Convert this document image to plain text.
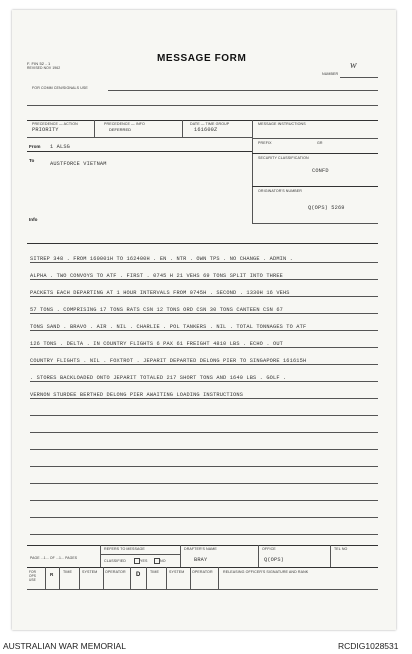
F. FIN 52 - 1
REVISED NOV 1962
MESSAGE FORM
NUMBER
w
FOR COMM CEN/SIGNALS USE
PRECEDENCE — ACTION
PRIORITY
PRECEDENCE — INFO
DEFERRED
DATE — TIME GROUP
161600Z
MESSAGE INSTRUCTIONS
PREFIX	GR
SECURITY CLASSIFICATION
CONFD
ORIGINATOR'S NUMBER
Q(OPS) 5269
From 1 ALSG
To
AUSTFORCE VIETNAM
Info
SITREP 348 . FROM 160001H TO 162400H . EN . NTR . OWN TPS . NO CHANGE . ADMIN .
ALPHA . TWO CONVOYS TO ATF . FIRST . 0745 H 21 VEHS 69 TONS SPLIT INTO THREE
PACKETS EACH DEPARTING AT 1 HOUR INTERVALS FROM 0745H . SECOND . 1330H 16 VEHS
57 TONS . COMPRISING 17 TONS RATS CSN 12 TONS ORD CSN 30 TONS CANTEEN CSN 67
TONS SAND . BRAVO . AIR . NIL . CHARLIE . POL TANKERS . NIL . TOTAL TONNAGES TO ATF
126 TONS . DELTA . IN COUNTRY FLIGHTS 6 PAX 61 FREIGHT 4810 LBS . ECHO . OUT
COUNTRY FLIGHTS . NIL . FOXTROT . JEPARIT DEPARTED DELONG PIER TO SINGAPORE 161615H
. STORES BACKLOADED ONTO JEPARIT TOTALED 217 SHORT TONS AND 1640 LBS . GOLF .
VERNON STURDEE BERTHED DELONG PIER AWAITING LOADING INSTRUCTIONS
PAGE ...1... OF ...1... PAGES
REFERS TO MESSAGE
CLASSIFIED	YES	NO
DRAFTER'S NAME
BRAY
OFFICE
Q(OPS)
TEL NO
FOR OPS USE
R	TIME	SYSTEM OPERATOR D	TIME	SYSTEM OPERATOR	RELEASING OFFICER'S SIGNATURE AND RANK
AUSTRALIAN WAR MEMORIAL	RCDIG1028531
